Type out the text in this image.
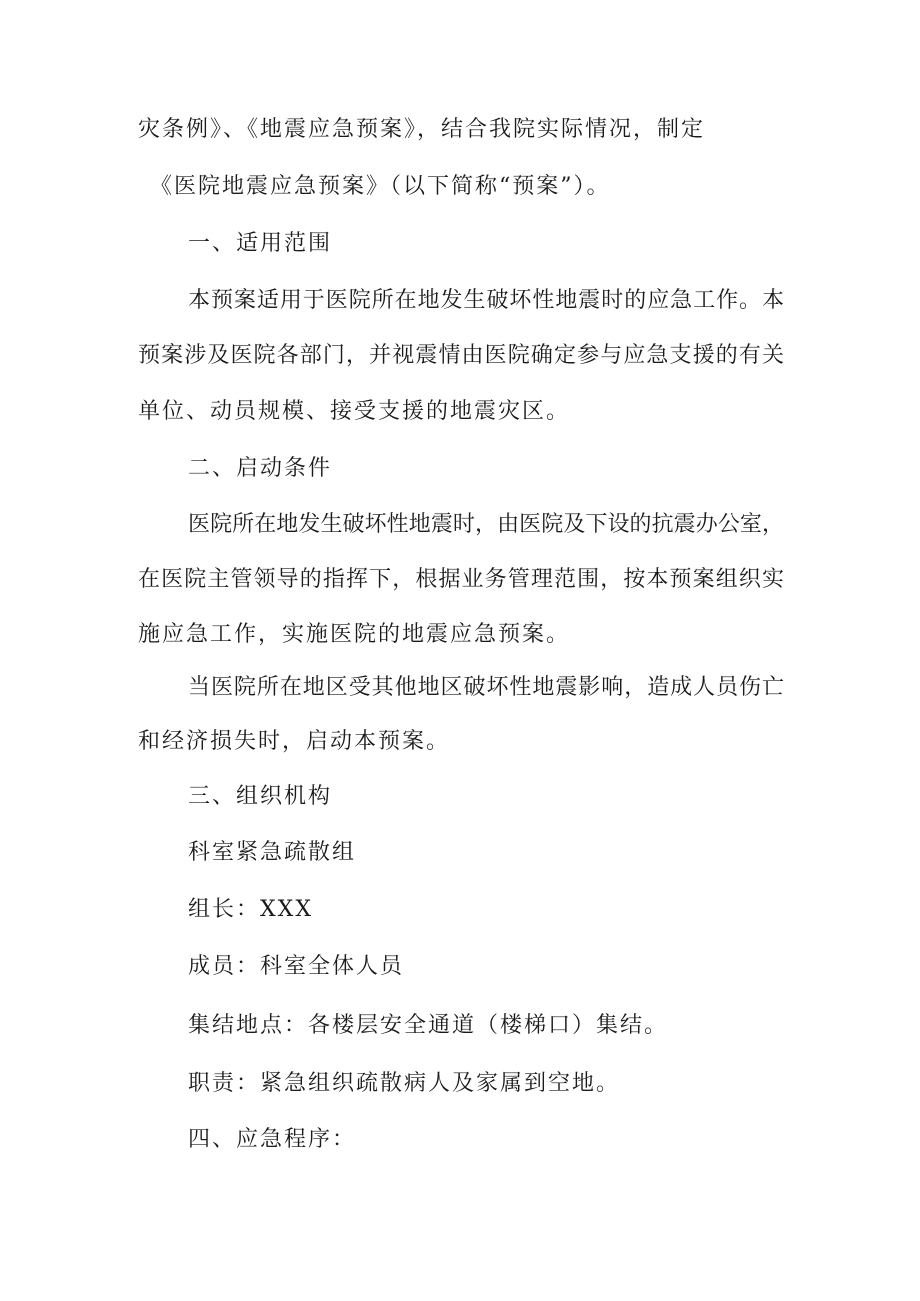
灾条例》、《地震应急预案》，结合我院实际情况，制定
《医院地震应急预案》（以下简称“预案”）。
一、适用范围
本预案适用于医院所在地发生破坏性地震时的应急工作。本
预案涉及医院各部门，并视震情由医院确定参与应急支援的有关
单位、动员规模、接受支援的地震灾区。
二、启动条件
医院所在地发生破坏性地震时，由医院及下设的抗震办公室，
在医院主管领导的指挥下，根据业务管理范围，按本预案组织实
施应急工作，实施医院的地震应急预案。
当医院所在地区受其他地区破坏性地震影响，造成人员伤亡
和经济损失时，启动本预案。
三、组织机构
科室紧急疏散组
组长：XXX
成员：科室全体人员
集结地点：各楼层安全通道（楼梯口）集结。
职责：紧急组织疏散病人及家属到空地。
四、应急程序：
